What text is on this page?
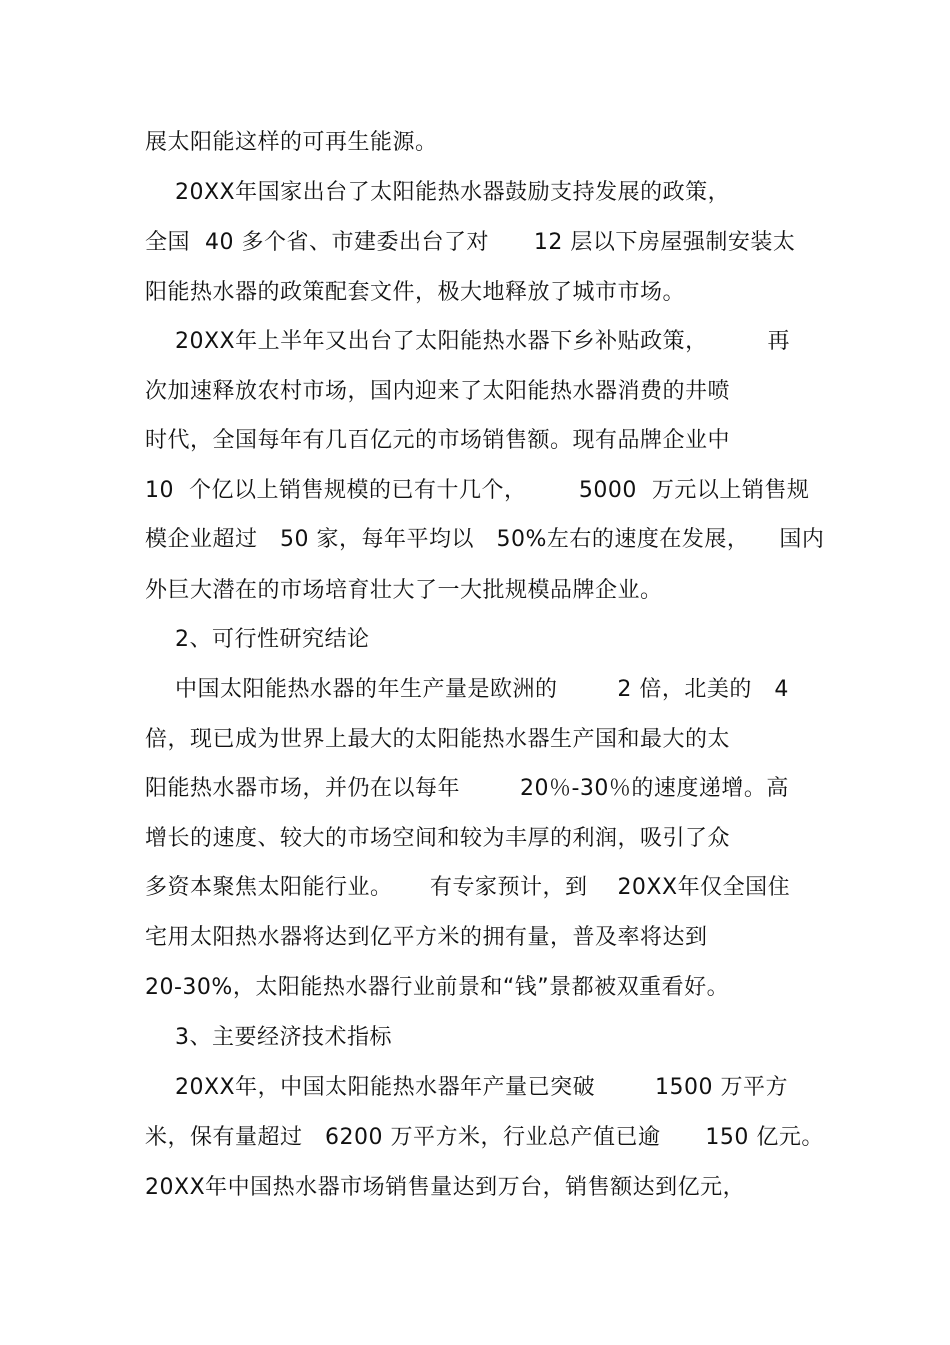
展太阳能这样的可再生能源。
20XX年国家出台了太阳能热水器鼓励支持发展的政策，
全国  40 多个省、市建委出台了对      12 层以下房屋强制安装太
阳能热水器的政策配套文件，极大地释放了城市市场。
20XX年上半年又出台了太阳能热水器下乡补贴政策，        再
次加速释放农村市场，国内迎来了太阳能热水器消费的井喷
时代，全国每年有几百亿元的市场销售额。现有品牌企业中
10  个亿以上销售规模的已有十几个，       5000  万元以上销售规
模企业超过   50 家，每年平均以   50%左右的速度在发展，    国内
外巨大潜在的市场培育壮大了一大批规模品牌企业。
2、可行性研究结论
中国太阳能热水器的年生产量是欧洲的        2 倍，北美的   4
倍，现已成为世界上最大的太阳能热水器生产国和最大的太
阳能热水器市场，并仍在以每年        20％-30％的速度递增。高
增长的速度、较大的市场空间和较为丰厚的利润，吸引了众
多资本聚焦太阳能行业。     有专家预计，到    20XX年仅全国住
宅用太阳热水器将达到亿平方米的拥有量，普及率将达到
20-30%，太阳能热水器行业前景和“钱”景都被双重看好。
3、主要经济技术指标
20XX年，中国太阳能热水器年产量已突破        1500 万平方
米，保有量超过   6200 万平方米，行业总产值已逾      150 亿元。
20XX年中国热水器市场销售量达到万台，销售额达到亿元，
